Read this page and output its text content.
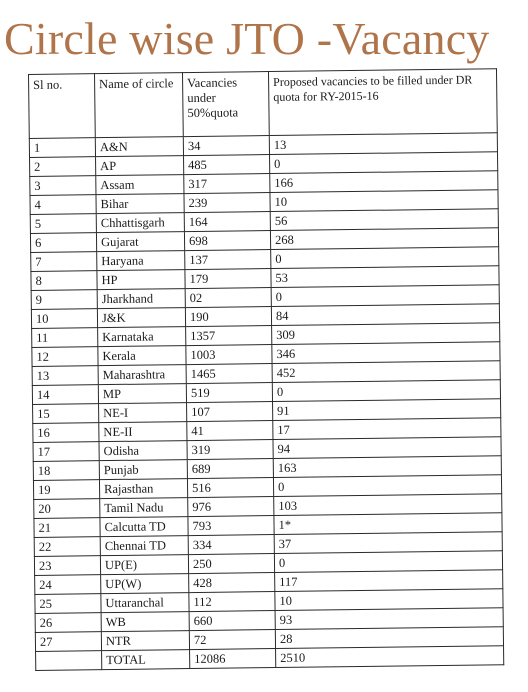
Circle wise JTO -Vacancy
Sl no.	Name of circle	Vacancies under 50%quota	Proposed vacancies to be filled under DR quota for RY-2015-16
1	A&N	34	13
2	AP	485	0
3	Assam	317	166
4	Bihar	239	10
5	Chhattisgarh	164	56
6	Gujarat	698	268
7	Haryana	137	0
8	HP	179	53
9	Jharkhand	02	0
10	J&K	190	84
11	Karnataka	1357	309
12	Kerala	1003	346
13	Maharashtra	1465	452
14	MP	519	0
15	NE-I	107	91
16	NE-II	41	17
17	Odisha	319	94
18	Punjab	689	163
19	Rajasthan	516	0
20	Tamil Nadu	976	103
21	Calcutta TD	793	1*
22	Chennai TD	334	37
23	UP(E)	250	0
24	UP(W)	428	117
25	Uttaranchal	112	10
26	WB	660	93
27	NTR	72	28
	TOTAL	12086	2510
